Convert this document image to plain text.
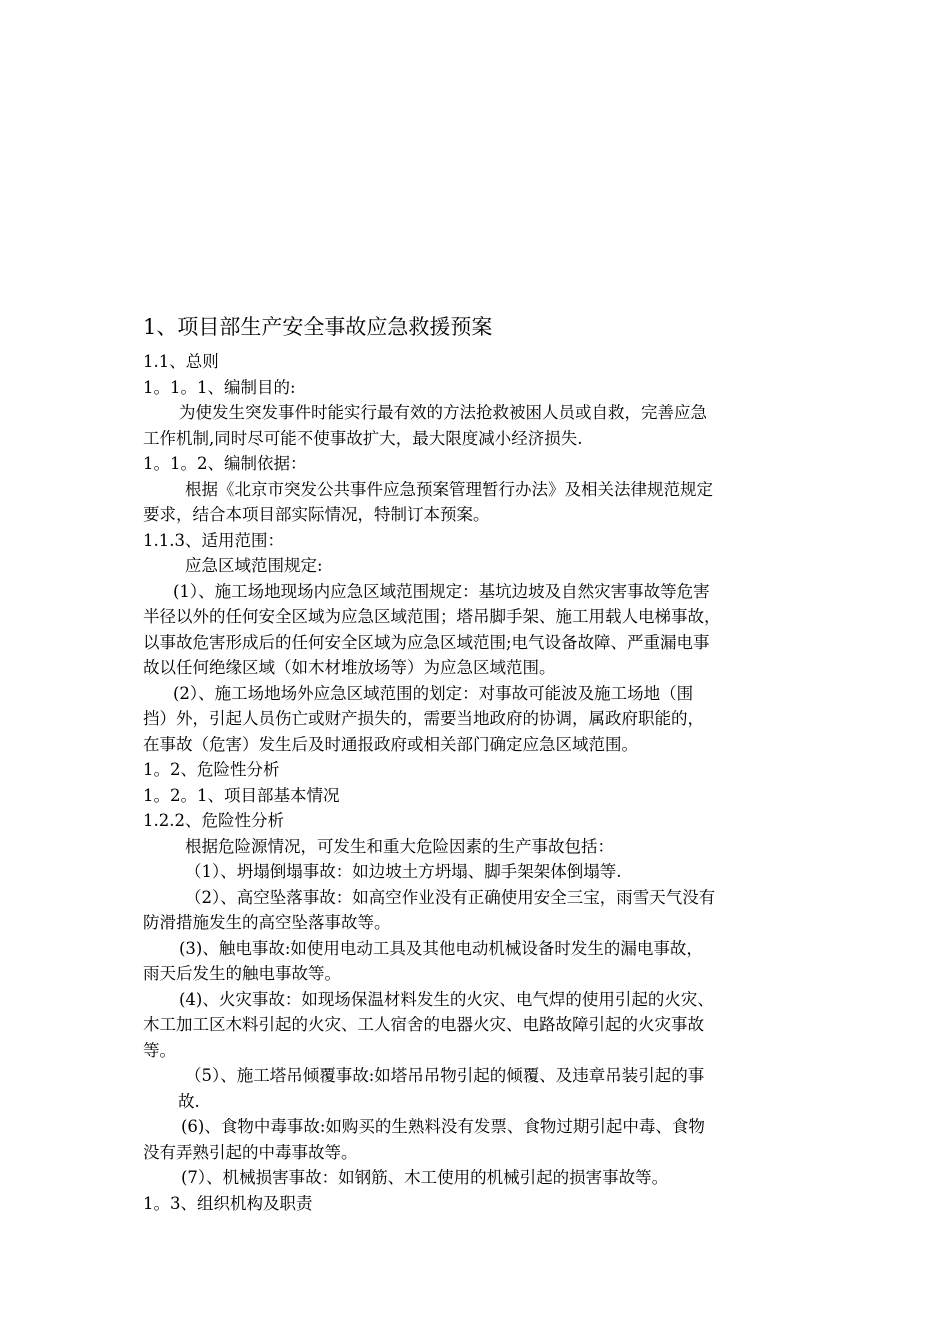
1、项目部生产安全事故应急救援预案
1.1、总则
1。1。1、编制目的:
为使发生突发事件时能实行最有效的方法抢救被困人员或自救，完善应急
工作机制,同时尽可能不使事故扩大，最大限度减小经济损失.
1。1。2、编制依据：
根据《北京市突发公共事件应急预案管理暂行办法》及相关法律规范规定
要求，结合本项目部实际情况，特制订本预案。
1.1.3、适用范围：
应急区域范围规定:
(1）、施工场地现场内应急区域范围规定：基坑边坡及自然灾害事故等危害
半径以外的任何安全区域为应急区域范围；塔吊脚手架、施工用载人电梯事故，
以事故危害形成后的任何安全区域为应急区域范围;电气设备故障、严重漏电事
故以任何绝缘区域（如木材堆放场等）为应急区域范围。
(2）、施工场地场外应急区域范围的划定：对事故可能波及施工场地（围
挡）外，引起人员伤亡或财产损失的，需要当地政府的协调，属政府职能的，
在事故（危害）发生后及时通报政府或相关部门确定应急区域范围。
1。2、危险性分析
1。2。1、项目部基本情况
1.2.2、危险性分析
根据危险源情况，可发生和重大危险因素的生产事故包括：
（1）、坍塌倒塌事故：如边坡土方坍塌、脚手架架体倒塌等.
（2）、高空坠落事故：如高空作业没有正确使用安全三宝，雨雪天气没有
防滑措施发生的高空坠落事故等。
(3)、触电事故:如使用电动工具及其他电动机械设备时发生的漏电事故，
雨天后发生的触电事故等。
(4)、火灾事故：如现场保温材料发生的火灾、电气焊的使用引起的火灾、
木工加工区木料引起的火灾、工人宿舍的电器火灾、电路故障引起的火灾事故
等。
（5）、施工塔吊倾覆事故:如塔吊吊物引起的倾覆、及违章吊装引起的事
故.
(6)、食物中毒事故:如购买的生熟料没有发票、食物过期引起中毒、食物
没有弄熟引起的中毒事故等。
(7）、机械损害事故：如钢筋、木工使用的机械引起的损害事故等。
1。3、组织机构及职责
